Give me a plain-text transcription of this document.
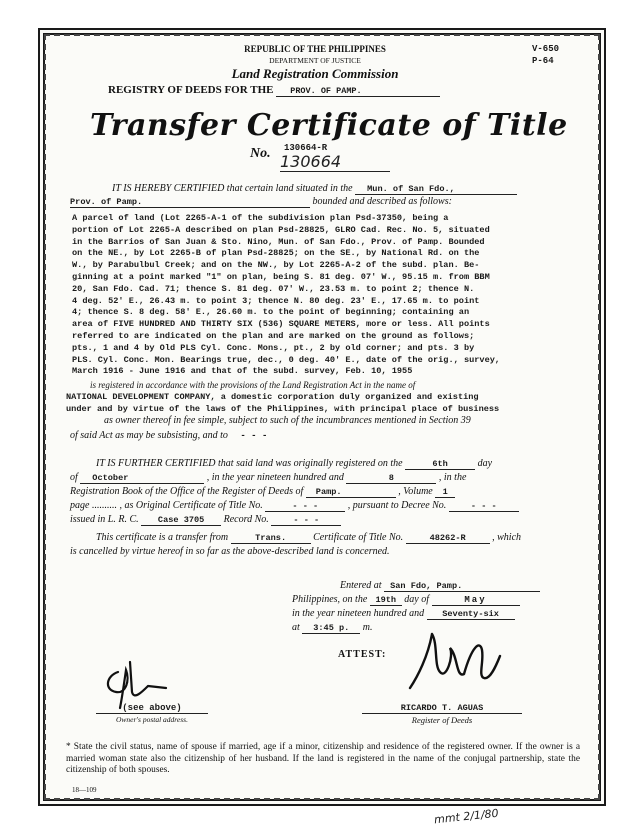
V-650
P-64
REPUBLIC OF THE PHILIPPINES
DEPARTMENT OF JUSTICE
Land Registration Commission
REGISTRY OF DEEDS FOR THE PROV. OF PAMP.
Transfer Certificate of Title
No. 130664-R
130664
IT IS HEREBY CERTIFIED that certain land situated in the Mun. of San Fdo.,
Prov. of Pamp.	bounded and described as follows:
A parcel of land (Lot 2265-A-1 of the subdivision plan Psd-37350, being a
portion of Lot 2265-A described on plan Psd-28825, GLRO Cad. Rec. No. 5, situated
in the Barrios of San Juan & Sto. Nino, Mun. of San Fdo., Prov. of Pamp. Bounded
on the NE., by Lot 2265-B of plan Psd-28825; on the SE., by National Rd. on the
W., by Parabulbul Creek; and on the NW., by Lot 2265-A-2 of the subd. plan. Be-
ginning at a point marked "1" on plan, being S. 81 deg. 07' W., 95.15 m. from BBM
20, San Fdo. Cad. 71; thence S. 81 deg. 07' W., 23.53 m. to point 2; thence N.
4 deg. 52' E., 26.43 m. to point 3; thence N. 80 deg. 23' E., 17.65 m. to point
4; thence S. 8 deg. 58' E., 26.60 m. to the point of beginning; containing an
area of FIVE HUNDRED AND THIRTY SIX (536) SQUARE METERS, more or less. All points
referred to are indicated on the plan and are marked on the ground as follows;
pts., 1 and 4 by Old PLS Cyl. Conc. Mons., pt., 2 by old corner; and pts. 3 by
PLS. Cyl. Conc. Mon. Bearings true, dec., 0 deg. 40' E., date of the orig., survey,
March 1916 - June 1916 and that of the subd. survey, Feb. 10, 1955
is registered in accordance with the provisions of the Land Registration Act in the name of
NATIONAL DEVELOPMENT COMPANY, a domestic corporation duly organized and existing
under and by virtue of the laws of the Philippines, with principal place of business
as owner thereof in fee simple, subject to such of the incumbrances mentioned in Section 39
of said Act as may be subsisting, and to - - -
IT IS FURTHER CERTIFIED that said land was originally registered on the	6th	day
of October	, in the year nineteen hundred and	8	, in the
Registration Book of the Office of the Register of Deeds of Pamp.	, Volume 1
page .......... , as Original Certificate of Title No.	- - -	, pursuant to Decree No.	- - -
issued in L. R. C. Case 3705 Record No.	- - -
This certificate is a transfer from	Trans.	Certificate of Title No.	48262-R	, which
is cancelled by virtue hereof in so far as the above-described land is concerned.
Entered at San Fdo, Pamp.
Philippines, on the 19th day of	May
in the year nineteen hundred and Seventy-six
at 3:45 p. m.
ATTEST:
(see above)
Owner's postal address.
RICARDO T. AGUAS
Register of Deeds
* State the civil status, name of spouse if married, age if a minor, citizenship and residence of the registered owner. If the owner is a married woman state also the citizenship of her husband. If the land is registered in the name of the conjugal partnership, state the citizenship of both spouses.
18—109
mmt 2/1/80
